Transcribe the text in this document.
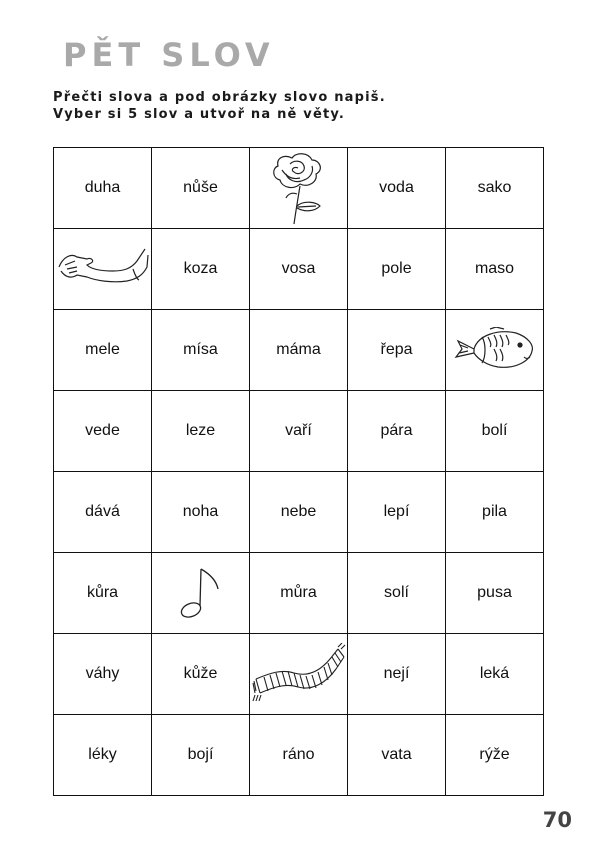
PĚT SLOV
Přečti slova a pod obrázky slovo napiš.
Vyber si 5 slov a utvoř na ně věty.
duha	nůše		voda	sako

	koza	vosa	pole	maso
mele	mísa	máma	řepa	

vede	leze	vaří	pára	bolí
dává	noha	nebe	lepí	pila
kůra		můra	solí	pusa
váhy	kůže		nejí	leká
léky	bojí	ráno	vata	rýže
70
